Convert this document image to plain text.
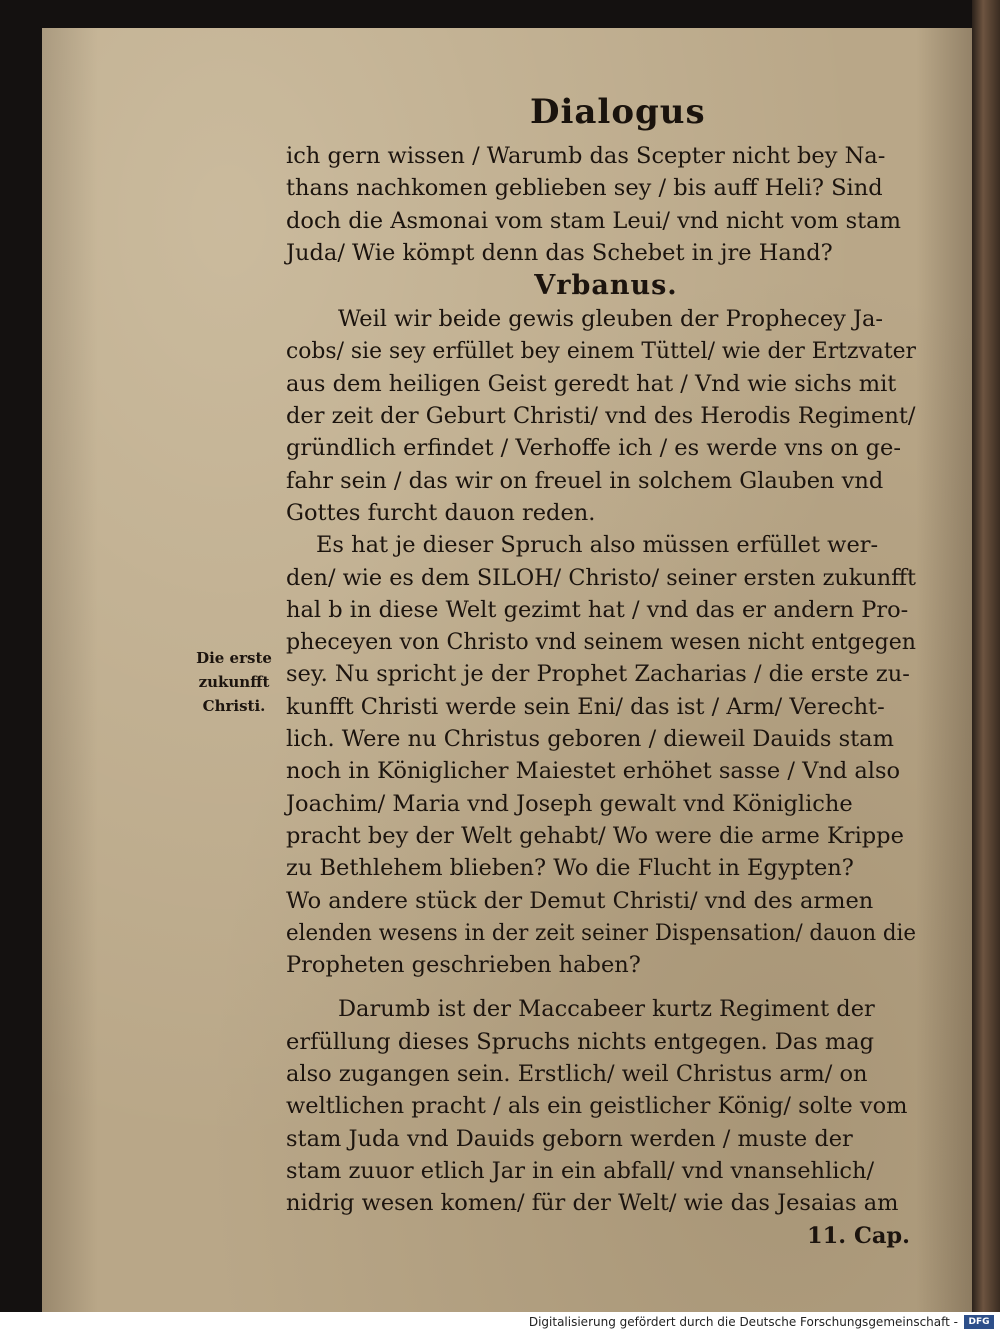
Dialogus
ich gern wissen / Warumb das Scepter nicht bey Na-
thans nachkomen geblieben sey / bis auff Heli? Sind
doch die Asmonai vom stam Leui/ vnd nicht vom stam
Juda/ Wie kömpt denn das Schebet in jre Hand?
Vrbanus.
Weil wir beide gewis gleuben der Prophecey Ja-
cobs/ sie sey erfüllet bey einem Tüttel/ wie der Ertzvater
aus dem heiligen Geist geredt hat / Vnd wie sichs mit
der zeit der Geburt Christi/ vnd des Herodis Regiment/
gründlich erfindet / Verhoffe ich / es werde vns on ge-
fahr sein / das wir on freuel in solchem Glauben vnd
Gottes furcht dauon reden.
Es hat je dieser Spruch also müssen erfüllet wer-
den/ wie es dem SILOH/ Christo/ seiner ersten zukunfft
hal b in diese Welt gezimt hat / vnd das er andern Pro-
pheceyen von Christo vnd seinem wesen nicht entgegen
sey. Nu spricht je der Prophet Zacharias / die erste zu-
kunfft Christi werde sein Eni/ das ist / Arm/ Verecht-
lich. Were nu Christus geboren / dieweil Dauids stam
noch in Königlicher Maiestet erhöhet sasse / Vnd also
Joachim/ Maria vnd Joseph gewalt vnd Königliche
pracht bey der Welt gehabt/ Wo were die arme Krippe
zu Bethlehem blieben? Wo die Flucht in Egypten?
Wo andere stück der Demut Christi/ vnd des armen
elenden wesens in der zeit seiner Dispensation/ dauon die
Propheten geschrieben haben?
Darumb ist der Maccabeer kurtz Regiment der
erfüllung dieses Spruchs nichts entgegen. Das mag
also zugangen sein. Erstlich/ weil Christus arm/ on
weltlichen pracht / als ein geistlicher König/ solte vom
stam Juda vnd Dauids geborn werden / muste der
stam zuuor etlich Jar in ein abfall/ vnd vnansehlich/
nidrig wesen komen/ für der Welt/ wie das Jesaias am
11. Cap.
Die erste
zukunfft
Christi.
Digitalisierung gefördert durch die Deutsche Forschungsgemeinschaft -	DFG
